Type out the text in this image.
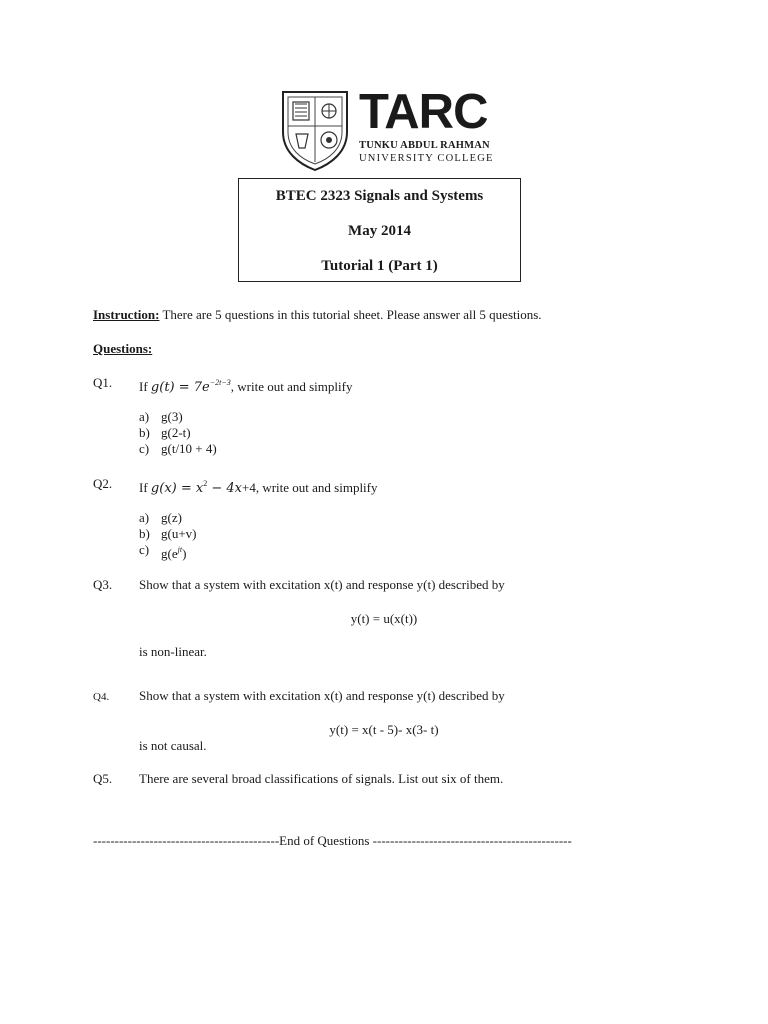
TARC
TUNKU ABDUL RAHMAN
UNIVERSITY COLLEGE
BTEC 2323 Signals and Systems
May 2014
Tutorial 1 (Part 1)
Instruction: There are 5 questions in this tutorial sheet. Please answer all 5 questions.
Questions:
Q1. If $g(t) = 7e^{-2t-3}$, write out and simplify
a) g(3)
b) g(2-t)
c) g(t/10 + 4)
Q2. If $g(x) = x^2 - 4x+4$, write out and simplify
a) g(z)
b) g(u+v)
c) $g(e^{jt})$
Q3. Show that a system with excitation x(t) and response y(t) described by
y(t) = u(x(t))
is non-linear.
Q4. Show that a system with excitation x(t) and response y(t) described by
y(t) = x(t - 5)- x(3- t)
is not causal.
Q5. There are several broad classifications of signals. List out six of them.
-------------------------------------------End of Questions ----------------------------------------------
